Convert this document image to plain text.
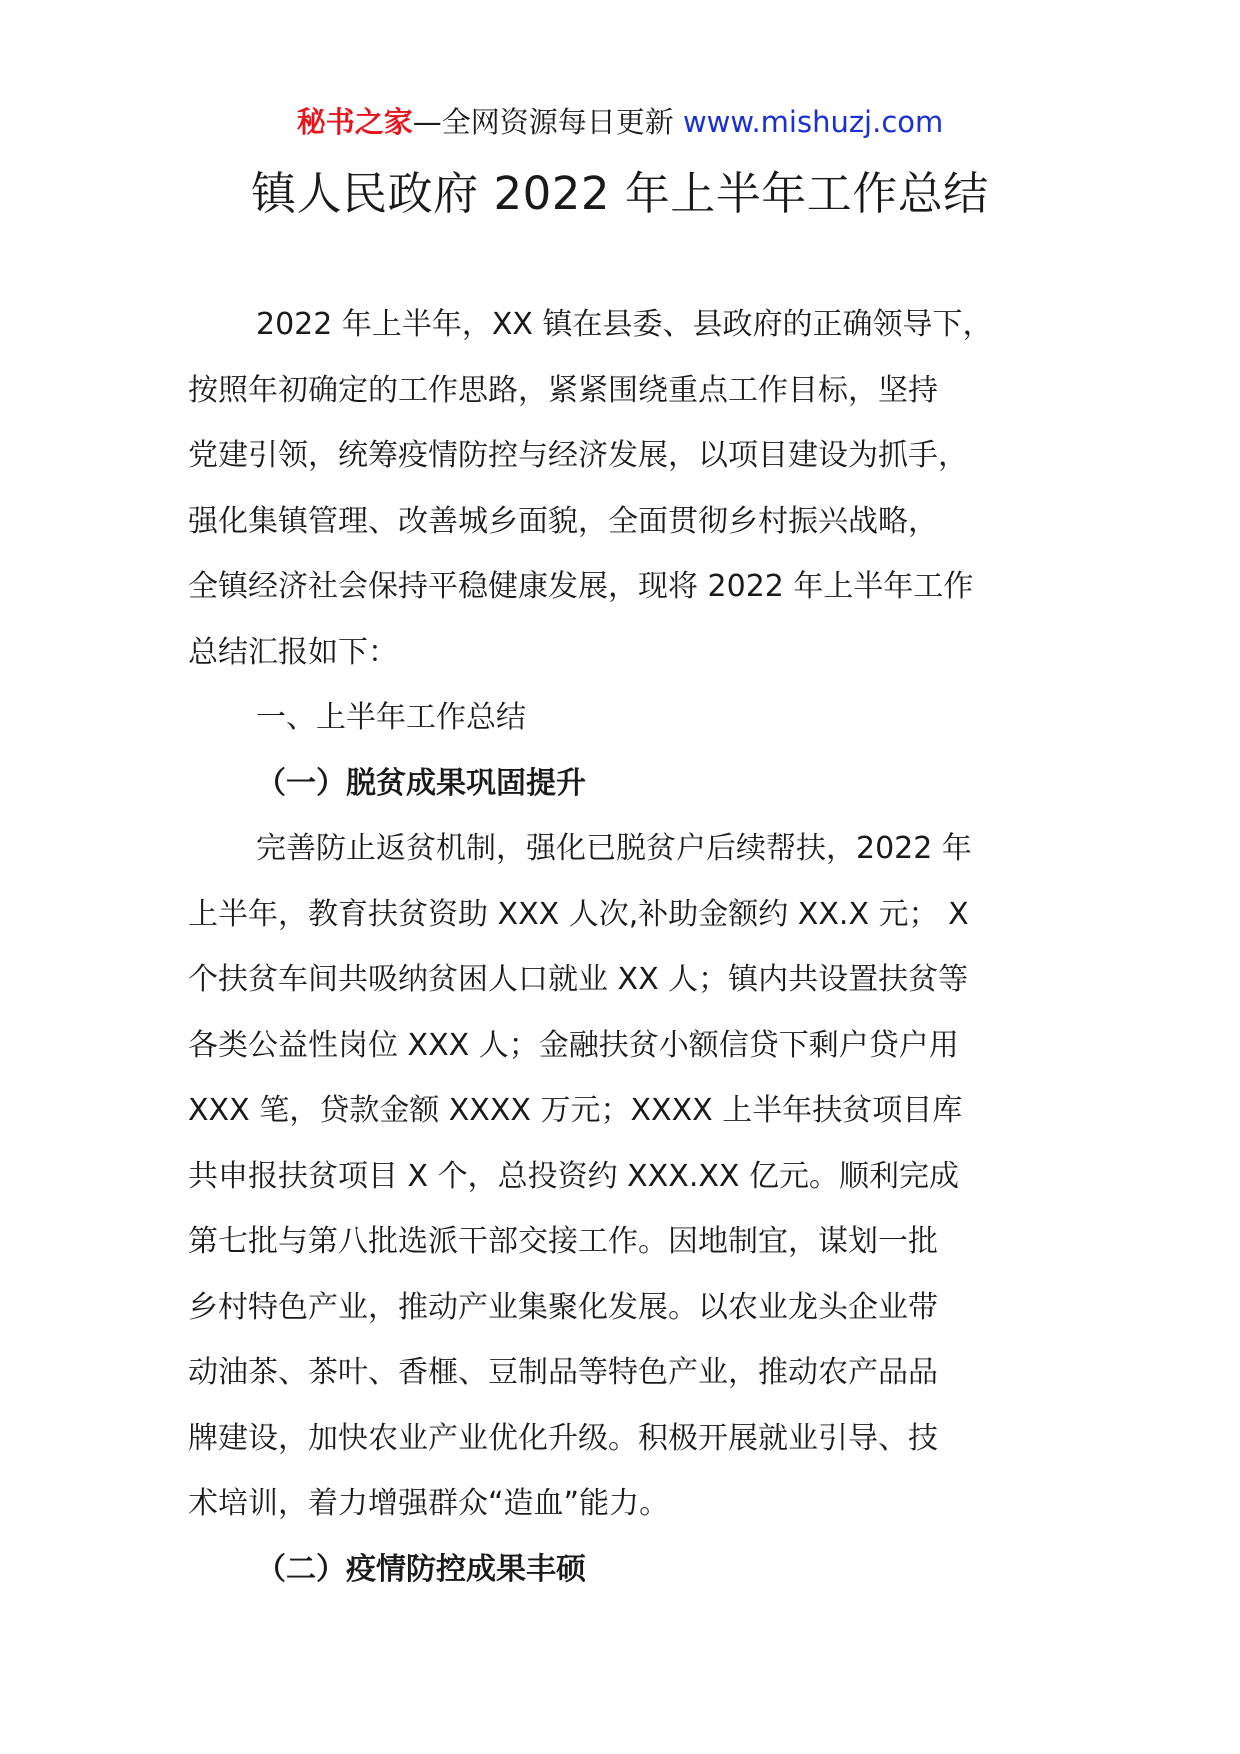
秘书之家—全网资源每日更新 www.mishuzj.com
镇人民政府 2022 年上半年工作总结
2022 年上半年，XX 镇在县委、县政府的正确领导下，
按照年初确定的工作思路，紧紧围绕重点工作目标，坚持
党建引领，统筹疫情防控与经济发展，以项目建设为抓手，
强化集镇管理、改善城乡面貌，全面贯彻乡村振兴战略，
全镇经济社会保持平稳健康发展，现将 2022 年上半年工作
总结汇报如下：
一、上半年工作总结
（一）脱贫成果巩固提升
完善防止返贫机制，强化已脱贫户后续帮扶，2022 年
上半年，教育扶贫资助 XXX 人次,补助金额约 XX.X 元； X
个扶贫车间共吸纳贫困人口就业 XX 人；镇内共设置扶贫等
各类公益性岗位 XXX 人；金融扶贫小额信贷下剩户贷户用
XXX 笔，贷款金额 XXXX 万元；XXXX 上半年扶贫项目库
共申报扶贫项目 X 个，总投资约 XXX.XX 亿元。顺利完成
第七批与第八批选派干部交接工作。因地制宜，谋划一批
乡村特色产业，推动产业集聚化发展。以农业龙头企业带
动油茶、茶叶、香榧、豆制品等特色产业，推动农产品品
牌建设，加快农业产业优化升级。积极开展就业引导、技
术培训，着力增强群众“造血”能力。
（二）疫情防控成果丰硕
